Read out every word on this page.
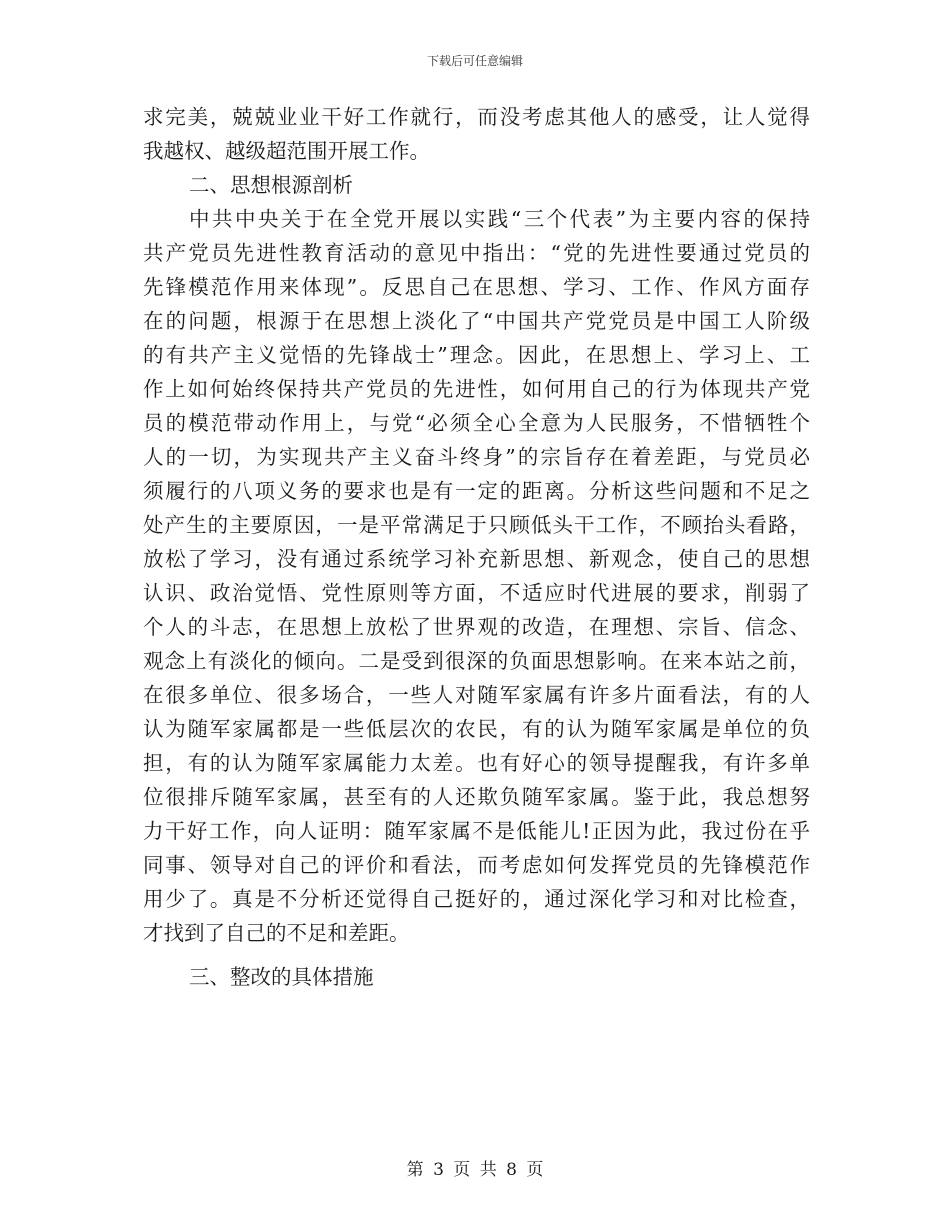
下载后可任意编辑
求完美，兢兢业业干好工作就行，而没考虑其他人的感受，让人觉得
我越权、越级超范围开展工作。
二、思想根源剖析
中共中央关于在全党开展以实践“三个代表”为主要内容的保持
共产党员先进性教育活动的意见中指出：“党的先进性要通过党员的
先锋模范作用来体现”。反思自己在思想、学习、工作、作风方面存
在的问题，根源于在思想上淡化了“中国共产党党员是中国工人阶级
的有共产主义觉悟的先锋战士”理念。因此，在思想上、学习上、工
作上如何始终保持共产党员的先进性，如何用自己的行为体现共产党
员的模范带动作用上，与党“必须全心全意为人民服务，不惜牺牲个
人的一切，为实现共产主义奋斗终身”的宗旨存在着差距，与党员必
须履行的八项义务的要求也是有一定的距离。分析这些问题和不足之
处产生的主要原因，一是平常满足于只顾低头干工作，不顾抬头看路，
放松了学习，没有通过系统学习补充新思想、新观念，使自己的思想
认识、政治觉悟、党性原则等方面，不适应时代进展的要求，削弱了
个人的斗志，在思想上放松了世界观的改造，在理想、宗旨、信念、
观念上有淡化的倾向。二是受到很深的负面思想影响。在来本站之前，
在很多单位、很多场合，一些人对随军家属有许多片面看法，有的人
认为随军家属都是一些低层次的农民，有的认为随军家属是单位的负
担，有的认为随军家属能力太差。也有好心的领导提醒我，有许多单
位很排斥随军家属，甚至有的人还欺负随军家属。鉴于此，我总想努
力干好工作，向人证明：随军家属不是低能儿!正因为此，我过份在乎
同事、领导对自己的评价和看法，而考虑如何发挥党员的先锋模范作
用少了。真是不分析还觉得自己挺好的，通过深化学习和对比检查，
才找到了自己的不足和差距。
三、整改的具体措施
第 3 页 共 8 页
